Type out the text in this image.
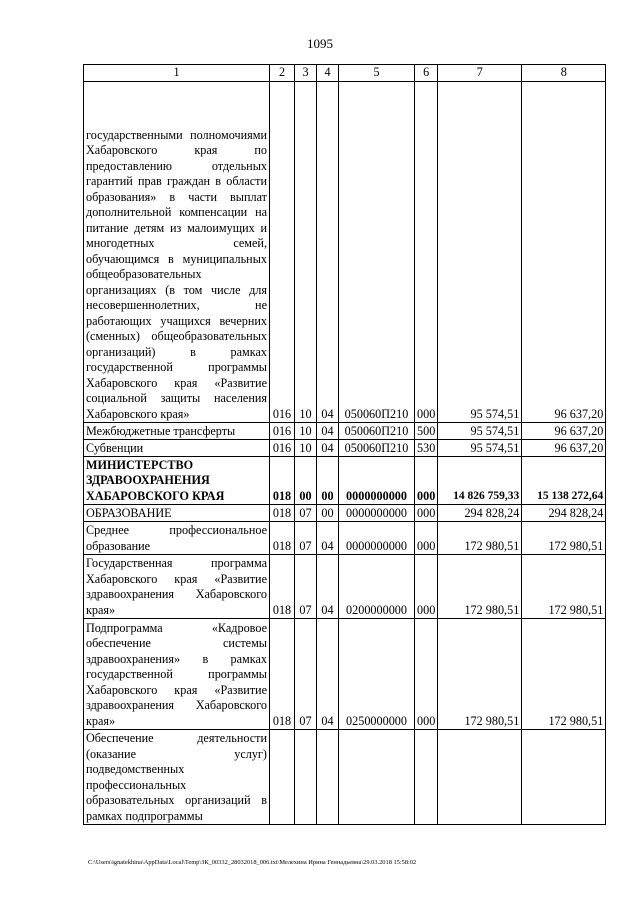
1095
1	2	3	4	5	6	7	8
государственными полномочиями Хабаровского края по предоставлению отдельных гарантий прав граждан в области образования» в части выплат дополнительной компенсации на питание детям из малоимущих и многодетных семей, обучающимся в муниципальных общеобразовательных организациях (в том числе для несовершеннолетних, не работающих учащихся вечерних (сменных) общеобразовательных организаций) в рамках государственной программы Хабаровского края «Развитие социальной защиты населения Хабаровского края»	016	10	04	050060П210	000	95 574,51	96 637,20
Межбюджетные трансферты	016	10	04	050060П210	500	95 574,51	96 637,20
Субвенции	016	10	04	050060П210	530	95 574,51	96 637,20
МИНИСТЕРСТВО ЗДРАВООХРАНЕНИЯ ХАБАРОВСКОГО КРАЯ	018	00	00	0000000000	000	14 826 759,33	15 138 272,64
ОБРАЗОВАНИЕ	018	07	00	0000000000	000	294 828,24	294 828,24
Среднее профессиональное образование	018	07	04	0000000000	000	172 980,51	172 980,51
Государственная программа Хабаровского края «Развитие здравоохранения Хабаровского края»	018	07	04	0200000000	000	172 980,51	172 980,51
Подпрограмма «Кадровое обеспечение системы здравоохранения» в рамках государственной программы Хабаровского края «Развитие здравоохранения Хабаровского края»	018	07	04	0250000000	000	172 980,51	172 980,51
Обеспечение деятельности (оказание услуг) подведомственных профессиональных образовательных организаций в рамках подпрограммы							
C:\Users\ignatekhina\AppData\Local\Temp\ЗК_00332_28032018_006.txt\Мелехина Ирина Геннадьевна\29.03.2018 15:58:02
